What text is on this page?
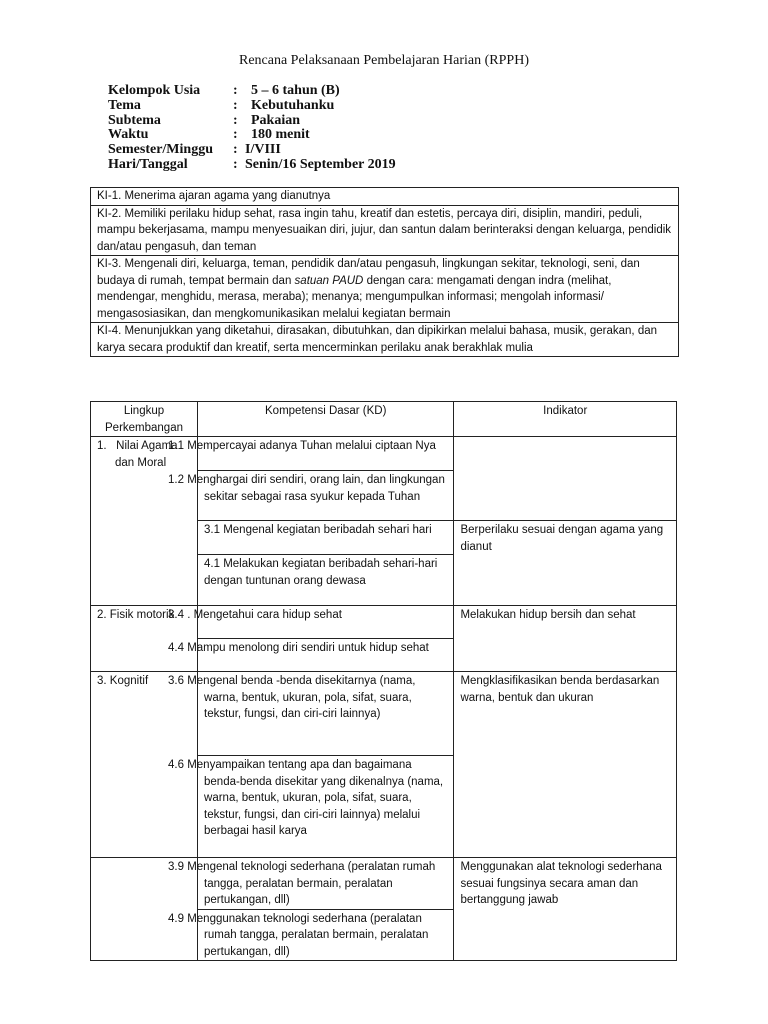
Rencana Pelaksanaan Pembelajaran Harian (RPPH)
Kelompok Usia	: 5 – 6 tahun (B)
Tema	: Kebutuhanku
Subtema	: Pakaian
Waktu	: 180 menit
Semester/Minggu	: I/VIII
Hari/Tanggal	: Senin/16 September 2019
KI-1. Menerima ajaran agama yang dianutnya
KI-2. Memiliki perilaku hidup sehat, rasa ingin tahu, kreatif dan estetis, percaya diri, disiplin, mandiri, peduli, mampu bekerjasama, mampu menyesuaikan diri, jujur, dan santun dalam berinteraksi dengan keluarga, pendidik dan/atau pengasuh, dan teman
KI-3. Mengenali diri, keluarga, teman, pendidik dan/atau pengasuh, lingkungan sekitar, teknologi, seni, dan budaya di rumah, tempat bermain dan satuan PAUD dengan cara: mengamati dengan indra (melihat, mendengar, menghidu, merasa, meraba); menanya; mengumpulkan informasi; mengolah informasi/ mengasosiasikan, dan mengkomunikasikan melalui kegiatan bermain
KI-4. Menunjukkan yang diketahui, dirasakan, dibutuhkan, dan dipikirkan melalui bahasa, musik, gerakan, dan karya secara produktif dan kreatif, serta mencerminkan perilaku anak berakhlak mulia
Lingkup Perkembangan	Kompetensi Dasar (KD)	Indikator

1.   Nilai Agama dan Moral	1.1 Mempercayai adanya Tuhan melalui ciptaan Nya	
	1.2 Menghargai diri sendiri, orang lain, dan lingkungan sekitar sebagai rasa syukur kepada Tuhan	
	3.1 Mengenal kegiatan beribadah sehari hari	Berperilaku sesuai dengan agama yang dianut
	4.1 Melakukan kegiatan beribadah sehari-hari dengan tuntunan orang dewasa	
2. Fisik motorik	3.4 . Mengetahui cara hidup sehat	Melakukan hidup bersih dan sehat
	4.4 Mampu menolong diri sendiri untuk hidup sehat	
3. Kognitif	3.6 Mengenal benda -benda disekitarnya (nama, warna, bentuk, ukuran, pola, sifat, suara, tekstur, fungsi, dan ciri-ciri lainnya)	Mengklasifikasikan benda berdasarkan warna, bentuk dan ukuran
	4.6 Menyampaikan tentang apa dan bagaimana benda-benda disekitar yang dikenalnya (nama, warna, bentuk, ukuran, pola, sifat, suara, tekstur, fungsi, dan ciri-ciri lainnya) melalui berbagai hasil karya	
	3.9 Mengenal teknologi sederhana (peralatan rumah tangga, peralatan bermain, peralatan pertukangan, dll)	Menggunakan alat teknologi sederhana sesuai fungsinya secara aman dan bertanggung jawab
	4.9 Menggunakan teknologi sederhana (peralatan rumah tangga, peralatan bermain, peralatan pertukangan, dll)	
